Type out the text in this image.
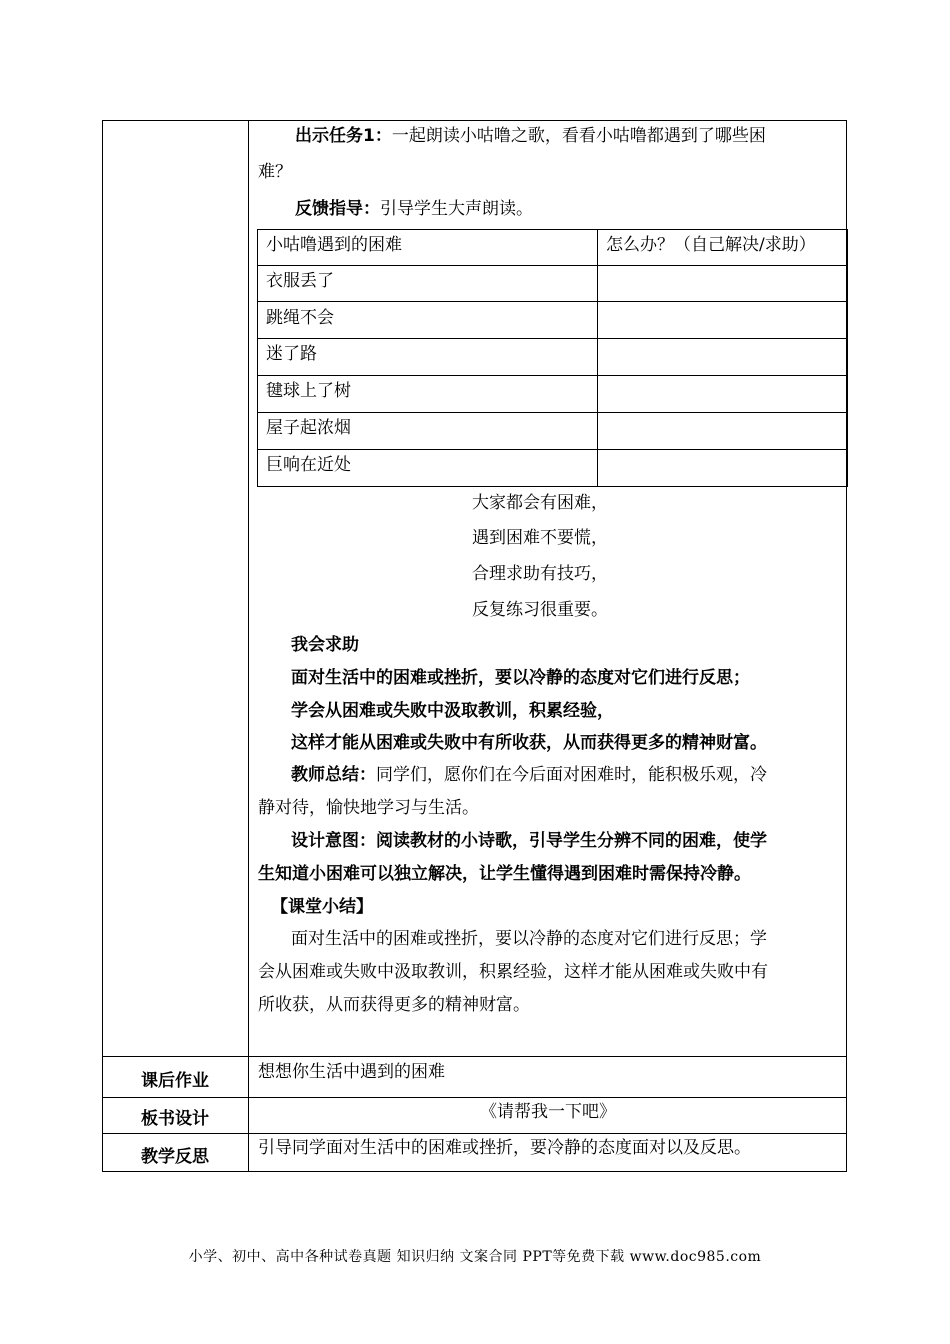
出示任务1：一起朗读小咕噜之歌，看看小咕噜都遇到了哪些困
难？
反馈指导：引导学生大声朗读。
小咕噜遇到的困难	怎么办？（自己解决/求助）
衣服丢了
跳绳不会
迷了路
毽球上了树
屋子起浓烟
巨响在近处
大家都会有困难，
遇到困难不要慌，
合理求助有技巧，
反复练习很重要。
我会求助
面对生活中的困难或挫折，要以冷静的态度对它们进行反思；
学会从困难或失败中汲取教训，积累经验，
这样才能从困难或失败中有所收获，从而获得更多的精神财富。
教师总结：同学们，愿你们在今后面对困难时，能积极乐观，冷
静对待，愉快地学习与生活。
设计意图：阅读教材的小诗歌，引导学生分辨不同的困难，使学
生知道小困难可以独立解决，让学生懂得遇到困难时需保持冷静。
【课堂小结】
面对生活中的困难或挫折，要以冷静的态度对它们进行反思；学
会从困难或失败中汲取教训，积累经验，这样才能从困难或失败中有
所收获，从而获得更多的精神财富。
课后作业	想想你生活中遇到的困难
板书设计	《请帮我一下吧》
教学反思	引导同学面对生活中的困难或挫折，要冷静的态度面对以及反思。
小学、初中、高中各种试卷真题 知识归纳 文案合同 PPT等免费下载 www.doc985.com
